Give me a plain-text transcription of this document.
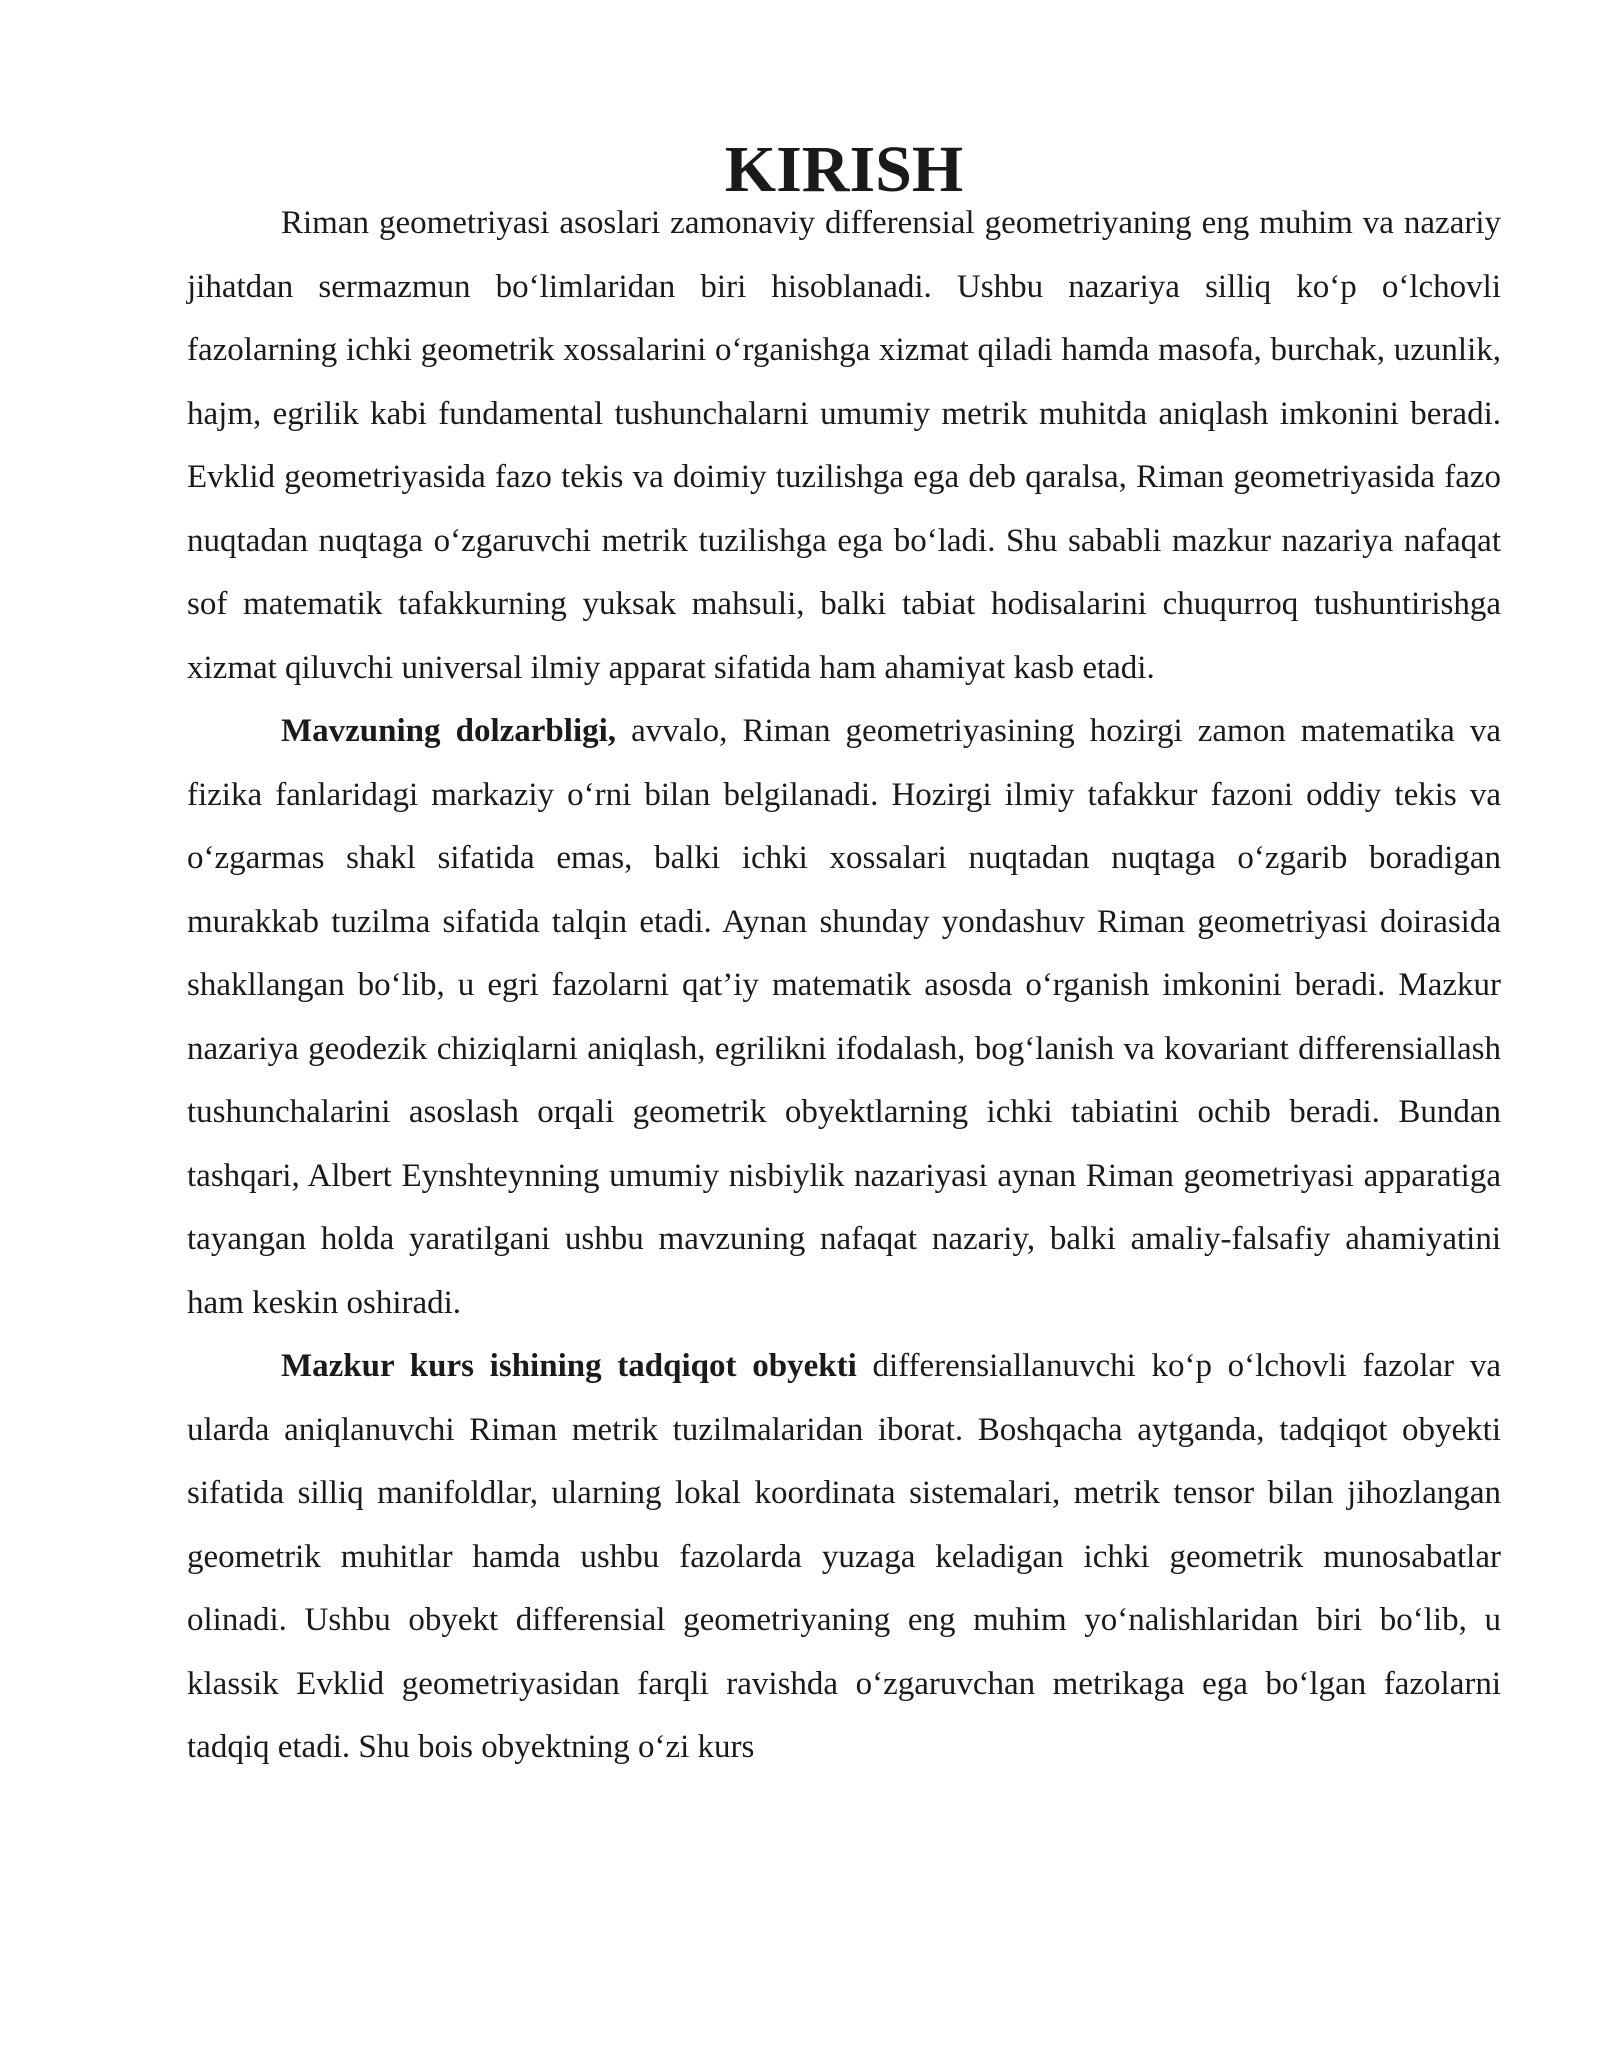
KIRISH

Riman geometriyasi asoslari zamonaviy differensial geometriyaning eng muhim va nazariy jihatdan sermazmun bo‘limlaridan biri hisoblanadi. Ushbu nazariya silliq ko‘p o‘lchovli fazolarning ichki geometrik xossalarini o‘rganishga xizmat qiladi hamda masofa, burchak, uzunlik, hajm, egrilik kabi fundamental tushunchalarni umumiy metrik muhitda aniqlash imkonini beradi. Evklid geometriyasida fazo tekis va doimiy tuzilishga ega deb qaralsa, Riman geometriyasida fazo nuqtadan nuqtaga o‘zgaruvchi metrik tuzilishga ega bo‘ladi. Shu sababli mazkur nazariya nafaqat sof matematik tafakkurning yuksak mahsuli, balki tabiat hodisalarini chuqurroq tushuntirishga xizmat qiluvchi universal ilmiy apparat sifatida ham ahamiyat kasb etadi.

Mavzuning dolzarbligi, avvalo, Riman geometriyasining hozirgi zamon matematika va fizika fanlaridagi markaziy o‘rni bilan belgilanadi. Hozirgi ilmiy tafakkur fazoni oddiy tekis va o‘zgarmas shakl sifatida emas, balki ichki xossalari nuqtadan nuqtaga o‘zgarib boradigan murakkab tuzilma sifatida talqin etadi. Aynan shunday yondashuv Riman geometriyasi doirasida shakllangan bo‘lib, u egri fazolarni qat’iy matematik asosda o‘rganish imkonini beradi. Mazkur nazariya geodezik chiziqlarni aniqlash, egrilikni ifodalash, bog‘lanish va kovariant differensiallash tushunchalarini asoslash orqali geometrik obyektlarning ichki tabiatini ochib beradi. Bundan tashqari, Albert Eynshteynning umumiy nisbiylik nazariyasi aynan Riman geometriyasi apparatiga tayangan holda yaratilgani ushbu mavzuning nafaqat nazariy, balki amaliy-falsafiy ahamiyatini ham keskin oshiradi.

Mazkur kurs ishining tadqiqot obyekti differensiallanuvchi ko‘p o‘lchovli fazolar va ularda aniqlanuvchi Riman metrik tuzilmalaridan iborat. Boshqacha aytganda, tadqiqot obyekti sifatida silliq manifoldlar, ularning lokal koordinata sistemalari, metrik tensor bilan jihozlangan geometrik muhitlar hamda ushbu fazolarda yuzaga keladigan ichki geometrik munosabatlar olinadi. Ushbu obyekt differensial geometriyaning eng muhim yo‘nalishlaridan biri bo‘lib, u klassik Evklid geometriyasidan farqli ravishda o‘zgaruvchan metrikaga ega bo‘lgan fazolarni tadqiq etadi. Shu bois obyektning o‘zi kurs
